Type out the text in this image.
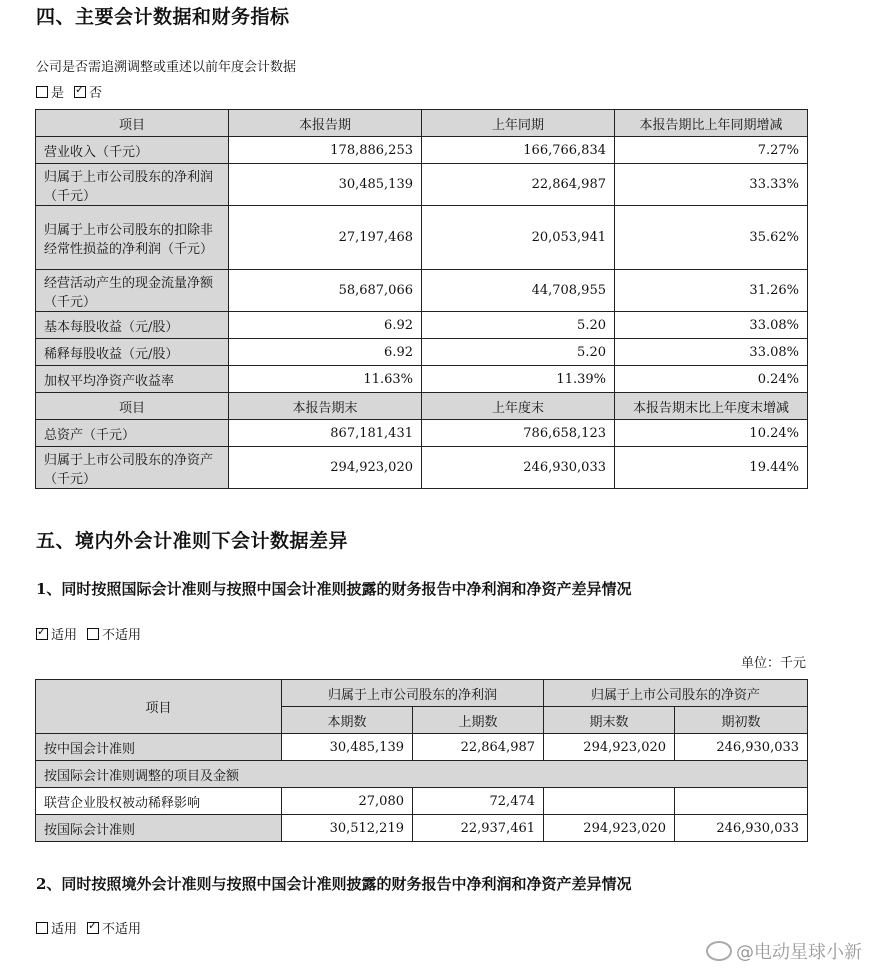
四、主要会计数据和财务指标
公司是否需追溯调整或重述以前年度会计数据
是 ✓ 否
项目	本报告期	上年同期	本报告期比上年同期增减
营业收入（千元）	178,886,253	166,766,834	7.27%
归属于上市公司股东的净利润（千元）	30,485,139	22,864,987	33.33%
归属于上市公司股东的扣除非经常性损益的净利润（千元）	27,197,468	20,053,941	35.62%
经营活动产生的现金流量净额（千元）	58,687,066	44,708,955	31.26%
基本每股收益（元/股）	6.92	5.20	33.08%
稀释每股收益（元/股）	6.92	5.20	33.08%
加权平均净资产收益率	11.63%	11.39%	0.24%
项目	本报告期末	上年度末	本报告期末比上年度末增减
总资产（千元）	867,181,431	786,658,123	10.24%
归属于上市公司股东的净资产（千元）	294,923,020	246,930,033	19.44%
五、境内外会计准则下会计数据差异
1、同时按照国际会计准则与按照中国会计准则披露的财务报告中净利润和净资产差异情况
✓适用 不适用
单位：千元
项目	归属于上市公司股东的净利润		归属于上市公司股东的净资产	
	本期数	上期数	期末数	期初数
按中国会计准则	30,485,139	22,864,987	294,923,020	246,930,033
按国际会计准则调整的项目及金额				
联营企业股权被动稀释影响	27,080	72,474		
按国际会计准则	30,512,219	22,937,461	294,923,020	246,930,033
2、同时按照境外会计准则与按照中国会计准则披露的财务报告中净利润和净资产差异情况
适用 ✓ 不适用
@电动星球小新
